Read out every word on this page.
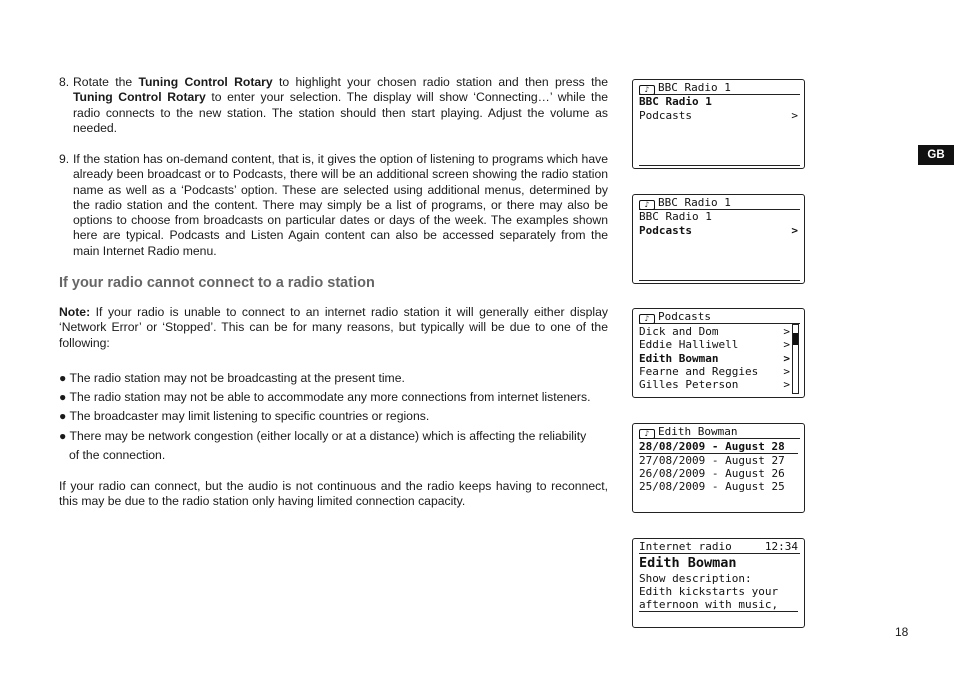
8. Rotate the Tuning Control Rotary to highlight your chosen radio station and then press the Tuning Control Rotary to enter your selection. The display will show ‘Connecting…’ while the radio connects to the new station. The station should then start playing. Adjust the volume as needed.
9. If the station has on-demand content, that is, it gives the option of listening to programs which have already been broadcast or to Podcasts, there will be an additional screen showing the radio station name as well as a ‘Podcasts’ option. These are selected using additional menus, determined by the radio station and the content. There may simply be a list of programs, or there may also be options to choose from broadcasts on particular dates or days of the week. The examples shown here are typical. Podcasts and Listen Again content can also be accessed separately from the main Internet Radio menu.
If your radio cannot connect to a radio station
Note: If your radio is unable to connect to an internet radio station it will generally either display ‘Network Error’ or ‘Stopped’. This can be for many reasons, but typically will be due to one of the following:
● The radio station may not be broadcasting at the present time.
● The radio station may not be able to accommodate any more connections from internet listeners.
● The broadcaster may limit listening to specific countries or regions.
● There may be network congestion (either locally or at a distance) which is affecting the reliability
of the connection.
If your radio can connect, but the audio is not continuous and the radio keeps having to reconnect, this may be due to the radio station only having limited connection capacity.
GB
18
♪ BBC Radio 1
BBC Radio 1
Podcasts	>
♪ BBC Radio 1
BBC Radio 1
Podcasts	>
♪ Podcasts
Dick and Dom	>
Eddie Halliwell	>
Edith Bowman	>
Fearne and Reggies >
Gilles Peterson	>
♪ Edith Bowman
28/08/2009 - August 28
27/08/2009 - August 27
26/08/2009 - August 26
25/08/2009 - August 25
Internet radio	12:34
Edith Bowman
Show description:
Edith kickstarts your
afternoon with music,
